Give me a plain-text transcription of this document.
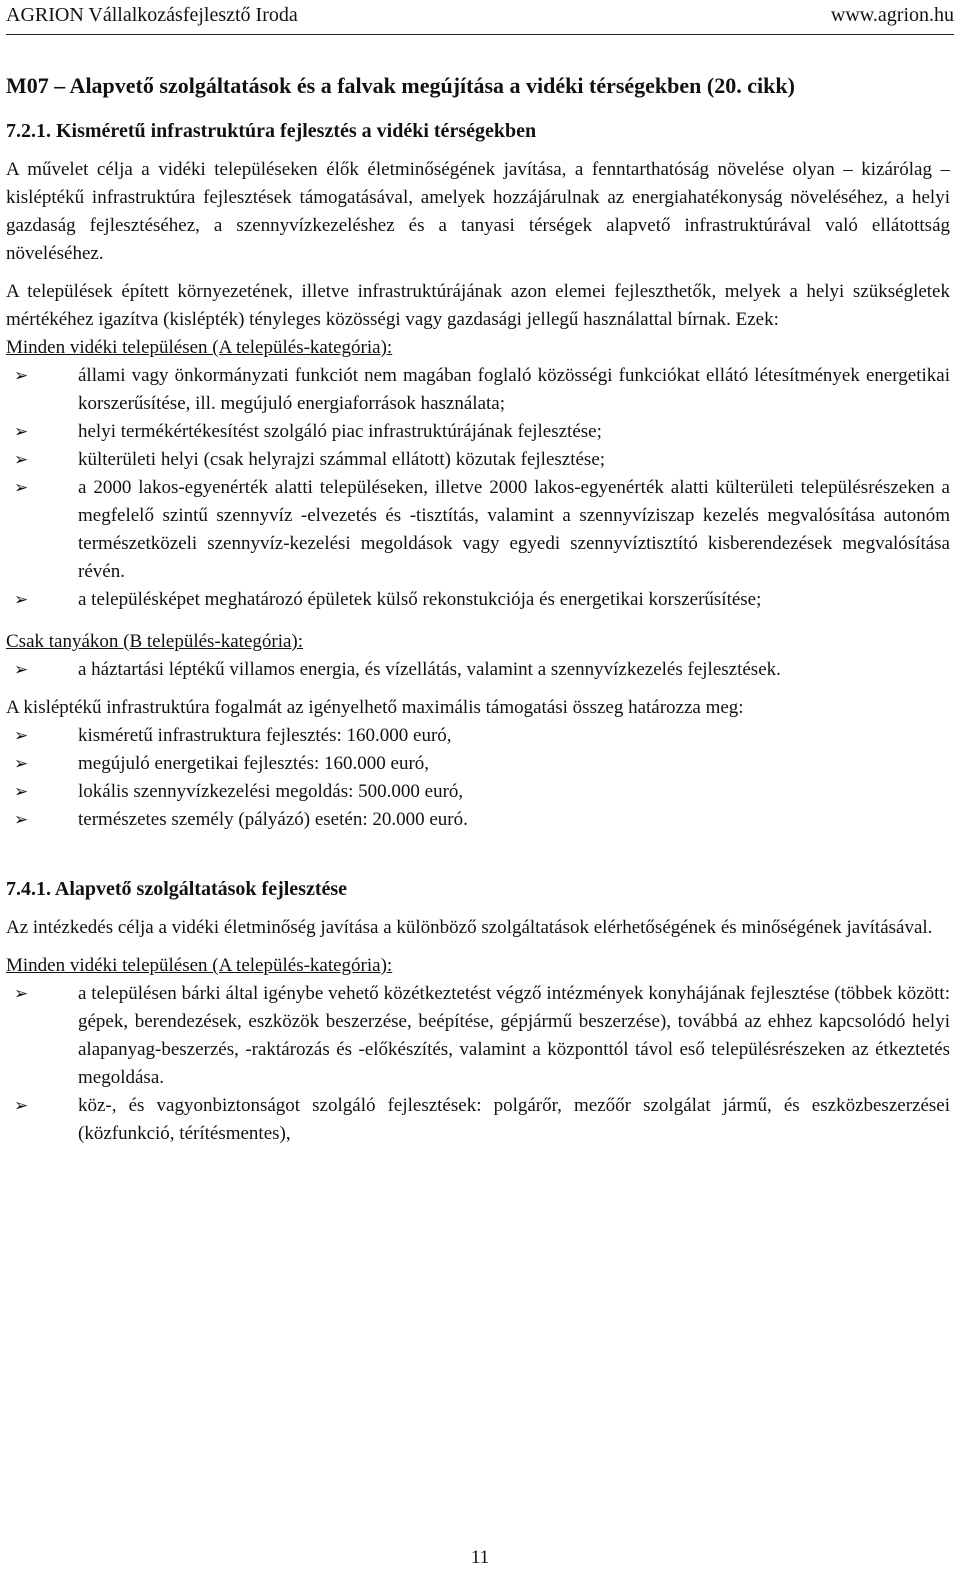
AGRION Vállalkozásfejlesztő Iroda	www.agrion.hu
M07 – Alapvető szolgáltatások és a falvak megújítása a vidéki térségekben (20. cikk)
7.2.1. Kisméretű infrastruktúra fejlesztés a vidéki térségekben

A művelet célja a vidéki településeken élők életminőségének javítása, a fenntarthatóság növelése olyan – kizárólag – kisléptékű infrastruktúra fejlesztések támogatásával, amelyek hozzájárulnak az energiahatékonyság növeléséhez, a helyi gazdaság fejlesztéséhez, a szennyvízkezeléshez és a tanyasi térségek alapvető infrastruktúrával való ellátottság növeléséhez.

A települések épített környezetének, illetve infrastruktúrájának azon elemei fejleszthetők, melyek a helyi szükségletek mértékéhez igazítva (kislépték) tényleges közösségi vagy gazdasági jellegű használattal bírnak. Ezek:

Minden vidéki településen (A település-kategória):

➢	állami vagy önkormányzati funkciót nem magában foglaló közösségi funkciókat ellátó létesítmények energetikai korszerűsítése, ill. megújuló energiaforrások használata;
➢	helyi termékértékesítést szolgáló piac infrastruktúrájának fejlesztése;
➢	külterületi helyi (csak helyrajzi számmal ellátott) közutak fejlesztése;
➢	a 2000 lakos-egyenérték alatti településeken, illetve 2000 lakos-egyenérték alatti külterületi településrészeken a megfelelő szintű szennyvíz -elvezetés és -tisztítás, valamint a szennyvíziszap kezelés megvalósítása autonóm természetközeli szennyvíz-kezelési megoldások vagy egyedi szennyvíztisztító kisberendezések megvalósítása révén.
➢	a településképet meghatározó épületek külső rekonstukciója és energetikai korszerűsítése;

Csak tanyákon (B település-kategória):

➢	a háztartási léptékű villamos energia, és vízellátás, valamint a szennyvízkezelés fejlesztések.

A kisléptékű infrastruktúra fogalmát az igényelhető maximális támogatási összeg határozza meg:

➢	kisméretű infrastruktura fejlesztés: 160.000 euró,
➢	megújuló energetikai fejlesztés: 160.000 euró,
➢	lokális szennyvízkezelési megoldás: 500.000 euró,
➢	természetes személy (pályázó) esetén: 20.000 euró.
7.4.1. Alapvető szolgáltatások fejlesztése

Az intézkedés célja a vidéki életminőség javítása a különböző szolgáltatások elérhetőségének és minőségének javításával.

Minden vidéki településen (A település-kategória):

➢	a településen bárki által igénybe vehető közétkeztetést végző intézmények konyhájának fejlesztése (többek között: gépek, berendezések, eszközök beszerzése, beépítése, gépjármű beszerzése), továbbá az ehhez kapcsolódó helyi alapanyag-beszerzés, -raktározás és -előkészítés, valamint a központtól távol eső településrészeken az étkeztetés megoldása.
➢	köz-, és vagyonbiztonságot szolgáló fejlesztések: polgárőr, mezőőr szolgálat jármű, és eszközbeszerzései (közfunkció, térítésmentes),
11
